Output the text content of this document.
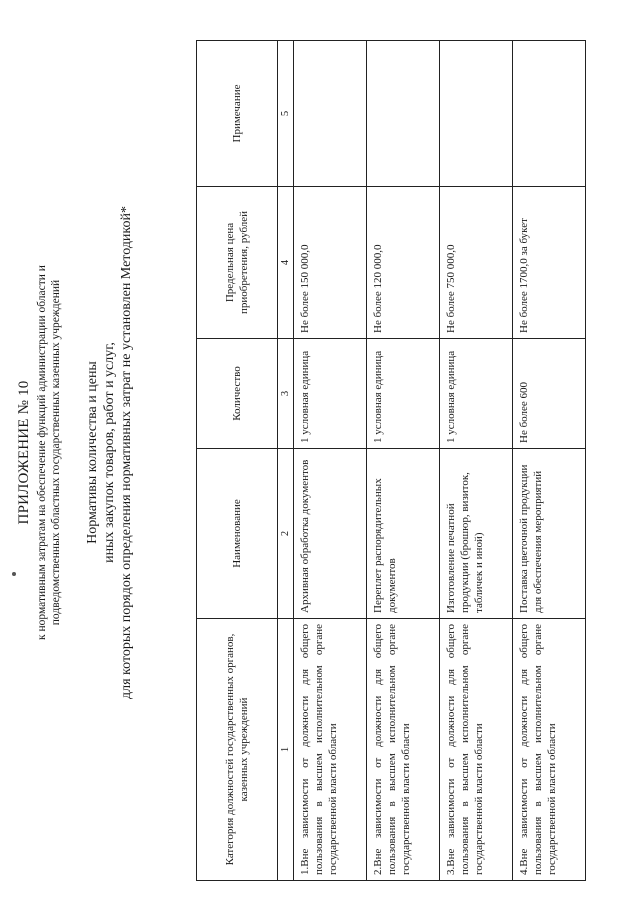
ПРИЛОЖЕНИЕ № 10 к нормативным затратам на обеспечение функций администрации области и подведомственных областных государственных казенных учреждений Нормативы количества и цены иных закупок товаров, работ и услуг, для которых порядок определения нормативных затрат не установлен Методикой*
Категория должностей государственных органов, казенных учреждений	Наименование	Количество	Предельная цена приобретения, рублей	Примечание
1	2	3	4	5
1.Вне зависимости от должности для общего пользования в высшем исполнительном органе государственной власти области	Архивная обработка документов	1 условная единица	Не более 150 000,0	
2.Вне зависимости от должности для общего пользования в высшем исполнительном органе государственной власти области	Переплет распорядительных документов	1 условная единица	Не более 120 000,0	
3.Вне зависимости от должности для общего пользования в высшем исполнительном органе государственной власти области	Изготовление печатной продукции (брошюр, визиток, табличек и иной)	1 условная единица	Не более 750 000,0	
4.Вне зависимости от должности для общего пользования в высшем исполнительном органе государственной власти области	Поставка цветочной продукции для обеспечения мероприятий	Не более 600	Не более 1700,0 за букет	
